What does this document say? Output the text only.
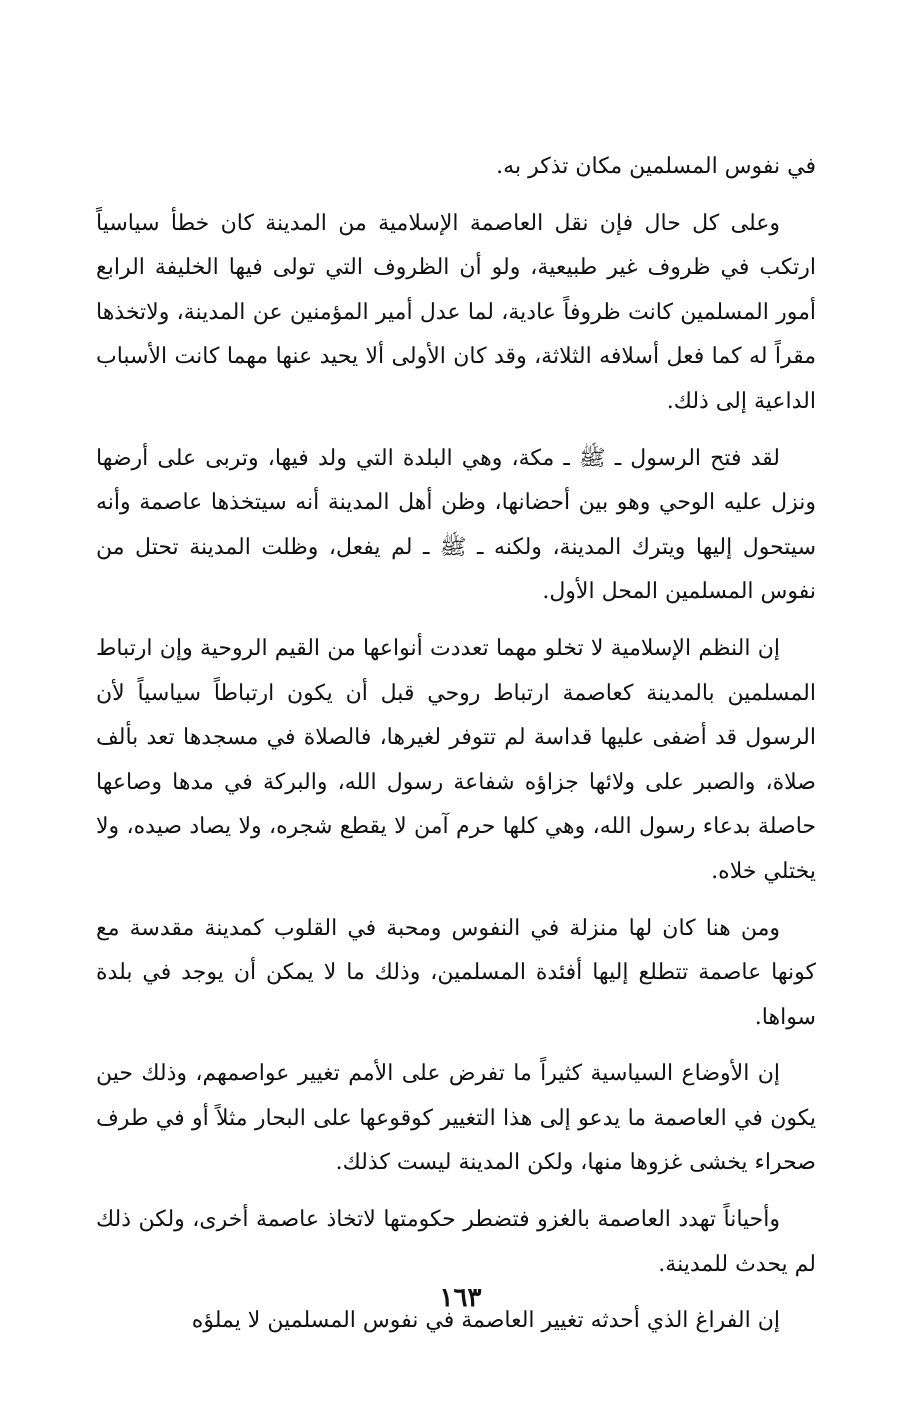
في نفوس المسلمين مكان تذكر به.

وعلى كل حال فإن نقل العاصمة الإسلامية من المدينة كان خطأ سياسياً ارتكب في ظروف غير طبيعية، ولو أن الظروف التي تولى فيها الخليفة الرابع أمور المسلمين كانت ظروفاً عادية، لما عدل أمير المؤمنين عن المدينة، ولاتخذها مقراً له كما فعل أسلافه الثلاثة، وقد كان الأولى ألا يحيد عنها مهما كانت الأسباب الداعية إلى ذلك.

لقد فتح الرسول ـ ﷺ ـ مكة، وهي البلدة التي ولد فيها، وتربى على أرضها ونزل عليه الوحي وهو بين أحضانها، وظن أهل المدينة أنه سيتخذها عاصمة وأنه سيتحول إليها ويترك المدينة، ولكنه ـ ﷺ ـ لم يفعل، وظلت المدينة تحتل من نفوس المسلمين المحل الأول.

إن النظم الإسلامية لا تخلو مهما تعددت أنواعها من القيم الروحية وإن ارتباط المسلمين بالمدينة كعاصمة ارتباط روحي قبل أن يكون ارتباطاً سياسياً لأن الرسول قد أضفى عليها قداسة لم تتوفر لغيرها، فالصلاة في مسجدها تعد بألف صلاة، والصبر على ولائها جزاؤه شفاعة رسول الله، والبركة في مدها وصاعها حاصلة بدعاء رسول الله، وهي كلها حرم آمن لا يقطع شجره، ولا يصاد صيده، ولا يختلي خلاه.

ومن هنا كان لها منزلة في النفوس ومحبة في القلوب كمدينة مقدسة مع كونها عاصمة تتطلع إليها أفئدة المسلمين، وذلك ما لا يمكن أن يوجد في بلدة سواها.

إن الأوضاع السياسية كثيراً ما تفرض على الأمم تغيير عواصمهم، وذلك حين يكون في العاصمة ما يدعو إلى هذا التغيير كوقوعها على البحار مثلاً أو في طرف صحراء يخشى غزوها منها، ولكن المدينة ليست كذلك.

وأحياناً تهدد العاصمة بالغزو فتضطر حكومتها لاتخاذ عاصمة أخرى، ولكن ذلك لم يحدث للمدينة.

إن الفراغ الذي أحدثه تغيير العاصمة في نفوس المسلمين لا يملؤه

١٦٣
